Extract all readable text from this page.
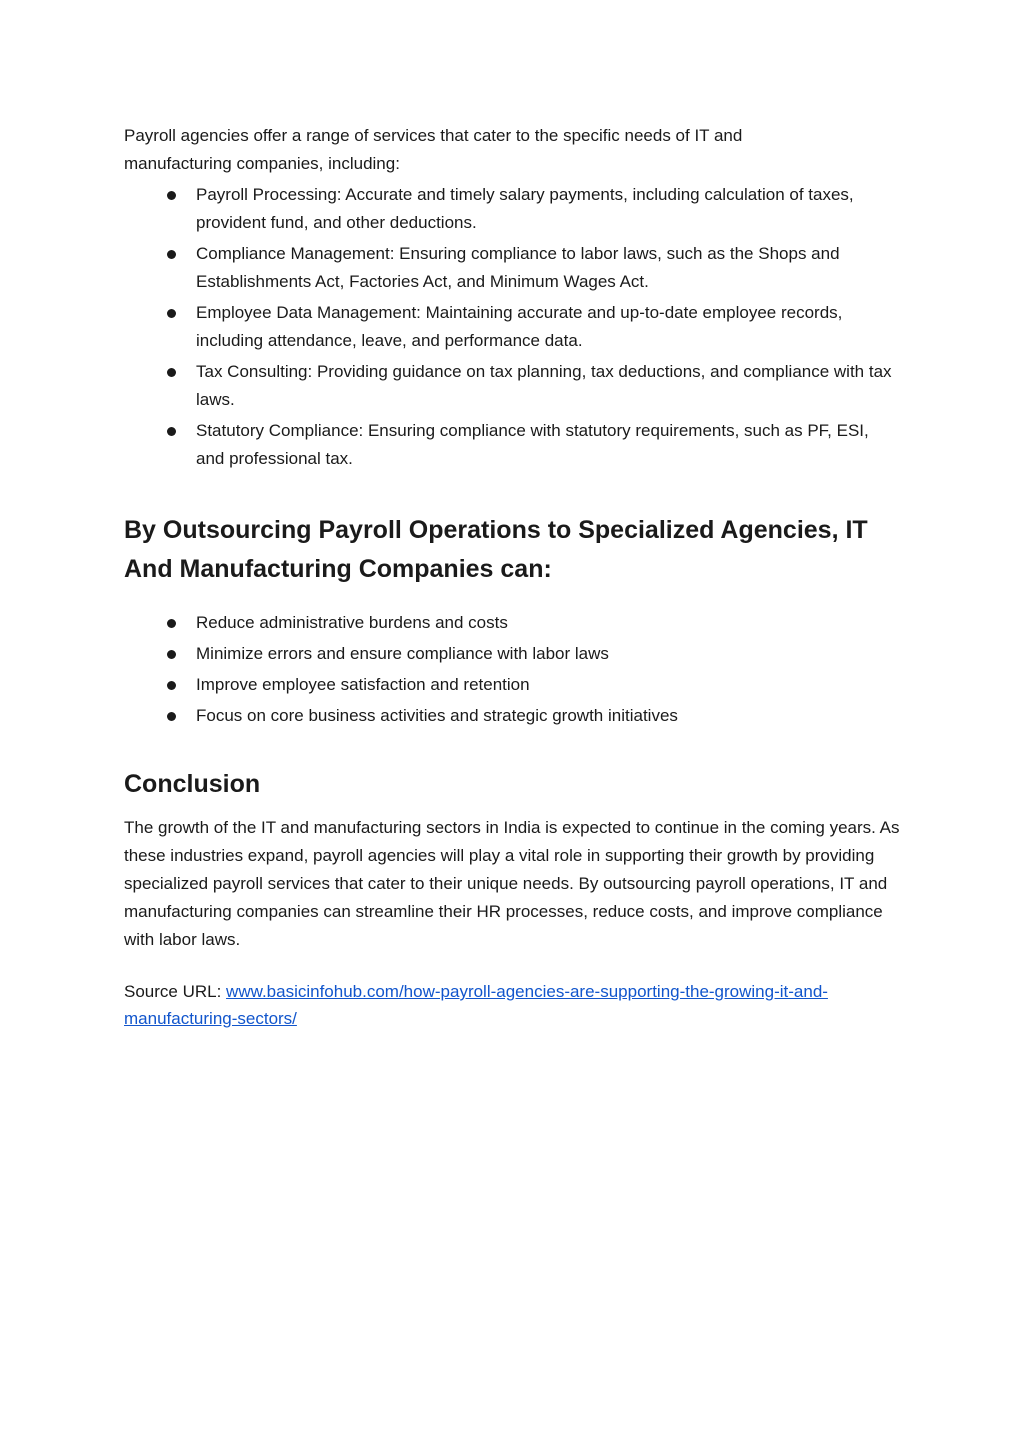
Payroll agencies offer a range of services that cater to the specific needs of IT and manufacturing companies, including:

Payroll Processing: Accurate and timely salary payments, including calculation of taxes, provident fund, and other deductions.
Compliance Management: Ensuring compliance to labor laws, such as the Shops and Establishments Act, Factories Act, and Minimum Wages Act.
Employee Data Management: Maintaining accurate and up-to-date employee records, including attendance, leave, and performance data.
Tax Consulting: Providing guidance on tax planning, tax deductions, and compliance with tax laws.
Statutory Compliance: Ensuring compliance with statutory requirements, such as PF, ESI, and professional tax.
By Outsourcing Payroll Operations to Specialized Agencies, IT And Manufacturing Companies can:
Reduce administrative burdens and costs
Minimize errors and ensure compliance with labor laws
Improve employee satisfaction and retention
Focus on core business activities and strategic growth initiatives
Conclusion

The growth of the IT and manufacturing sectors in India is expected to continue in the coming years. As these industries expand, payroll agencies will play a vital role in supporting their growth by providing specialized payroll services that cater to their unique needs. By outsourcing payroll operations, IT and manufacturing companies can streamline their HR processes, reduce costs, and improve compliance with labor laws.

Source URL: www.basicinfohub.com/how-payroll-agencies-are-supporting-the-growing-it-and-manufacturing-sectors/
